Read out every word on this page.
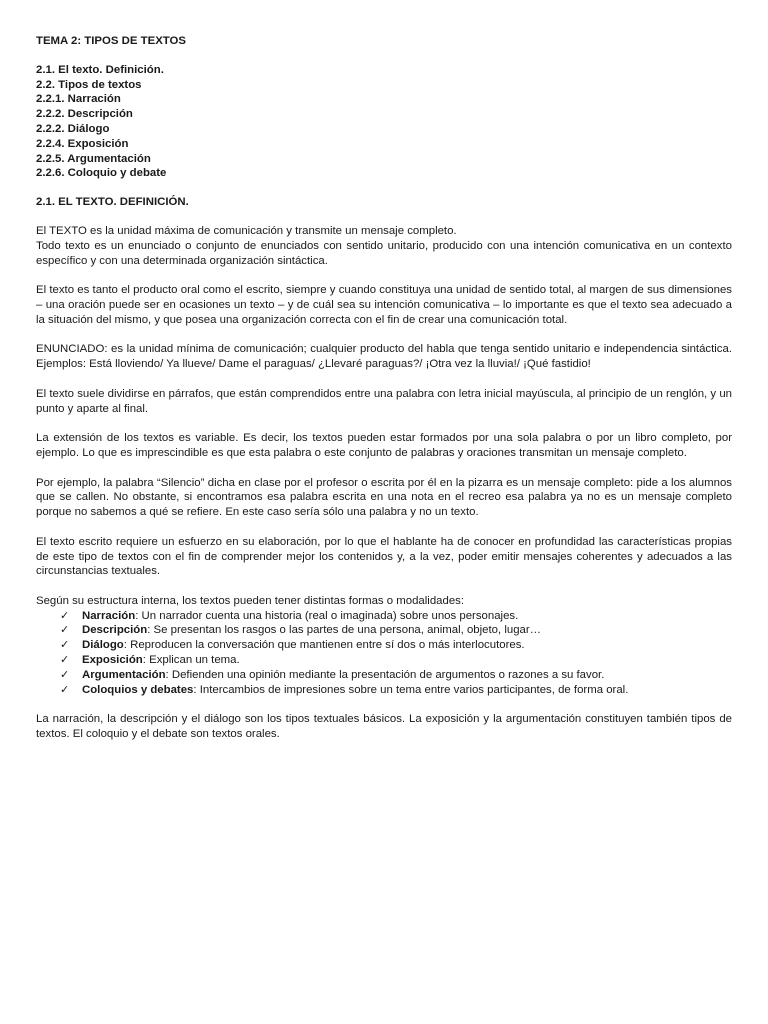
TEMA 2: TIPOS DE TEXTOS
2.1. El texto. Definición.
2.2. Tipos de textos
2.2.1. Narración
2.2.2. Descripción
2.2.2. Diálogo
2.2.4. Exposición
2.2.5. Argumentación
2.2.6. Coloquio y debate
2.1. EL TEXTO. DEFINICIÓN.

El TEXTO es la unidad máxima de comunicación y transmite un mensaje completo.

Todo texto es un enunciado o conjunto de enunciados con sentido unitario, producido con una intención comunicativa en un contexto específico y con una determinada organización sintáctica.

El texto es tanto el producto oral como el escrito, siempre y cuando constituya una unidad de sentido total, al margen de sus dimensiones – una oración puede ser en ocasiones un texto – y de cuál sea su intención comunicativa – lo importante es que el texto sea adecuado a la situación del mismo, y que posea una organización correcta con el fin de crear una comunicación total.

ENUNCIADO: es la unidad mínima de comunicación; cualquier producto del habla que tenga sentido unitario e independencia sintáctica. Ejemplos: Está lloviendo/ Ya llueve/ Dame el paraguas/ ¿Llevaré paraguas?/ ¡Otra vez la lluvia!/ ¡Qué fastidio!

El texto suele dividirse en párrafos, que están comprendidos entre una palabra con letra inicial mayúscula, al principio de un renglón, y un punto y aparte al final.

La extensión de los textos es variable. Es decir, los textos pueden estar formados por una sola palabra o por un libro completo, por ejemplo. Lo que es imprescindible es que esta palabra o este conjunto de palabras y oraciones transmitan un mensaje completo.

Por ejemplo, la palabra “Silencio” dicha en clase por el profesor o escrita por él en la pizarra es un mensaje completo: pide a los alumnos que se callen. No obstante, si encontramos esa palabra escrita en una nota en el recreo esa palabra ya no es un mensaje completo porque no sabemos a qué se refiere. En este caso sería sólo una palabra y no un texto.

El texto escrito requiere un esfuerzo en su elaboración, por lo que el hablante ha de conocer en profundidad las características propias de este tipo de textos con el fin de comprender mejor los contenidos y, a la vez, poder emitir mensajes coherentes y adecuados a las circunstancias textuales.

Según su estructura interna, los textos pueden tener distintas formas o modalidades:

✓ Narración: Un narrador cuenta una historia (real o imaginada) sobre unos personajes.
✓ Descripción: Se presentan los rasgos o las partes de una persona, animal, objeto, lugar…
✓ Diálogo: Reproducen la conversación que mantienen entre sí dos o más interlocutores.
✓ Exposición: Explican un tema.
✓ Argumentación: Defienden una opinión mediante la presentación de argumentos o razones a su favor.
✓ Coloquios y debates: Intercambios de impresiones sobre un tema entre varios participantes, de forma oral.

La narración, la descripción y el diálogo son los tipos textuales básicos. La exposición y la argumentación constituyen también tipos de textos. El coloquio y el debate son textos orales.
